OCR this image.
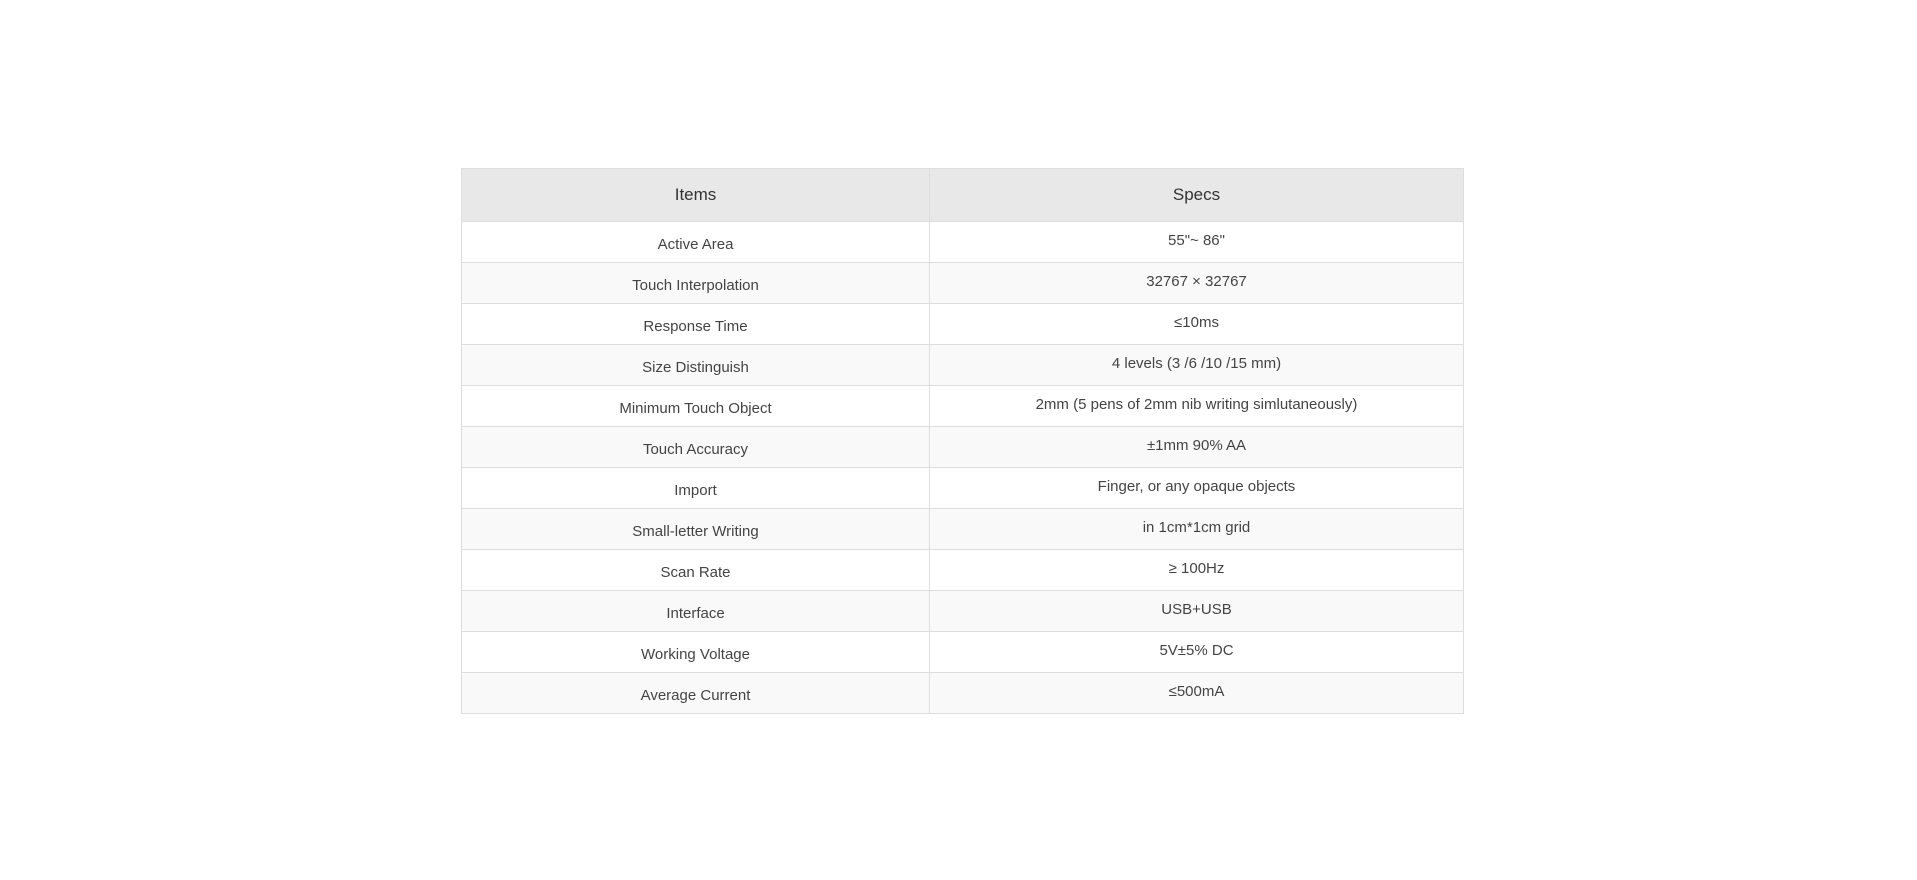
Items	Specs
Active Area	55"~ 86"
Touch Interpolation	32767 × 32767
Response Time	≤10ms
Size Distinguish	4 levels (3 /6 /10 /15 mm)
Minimum Touch Object	2mm (5 pens of 2mm nib writing simlutaneously)
Touch Accuracy	±1mm 90% AA
Import	Finger, or any opaque objects
Small-letter Writing	in 1cm*1cm grid
Scan Rate	≥ 100Hz
Interface	USB+USB
Working Voltage	5V±5% DC
Average Current	≤500mA
